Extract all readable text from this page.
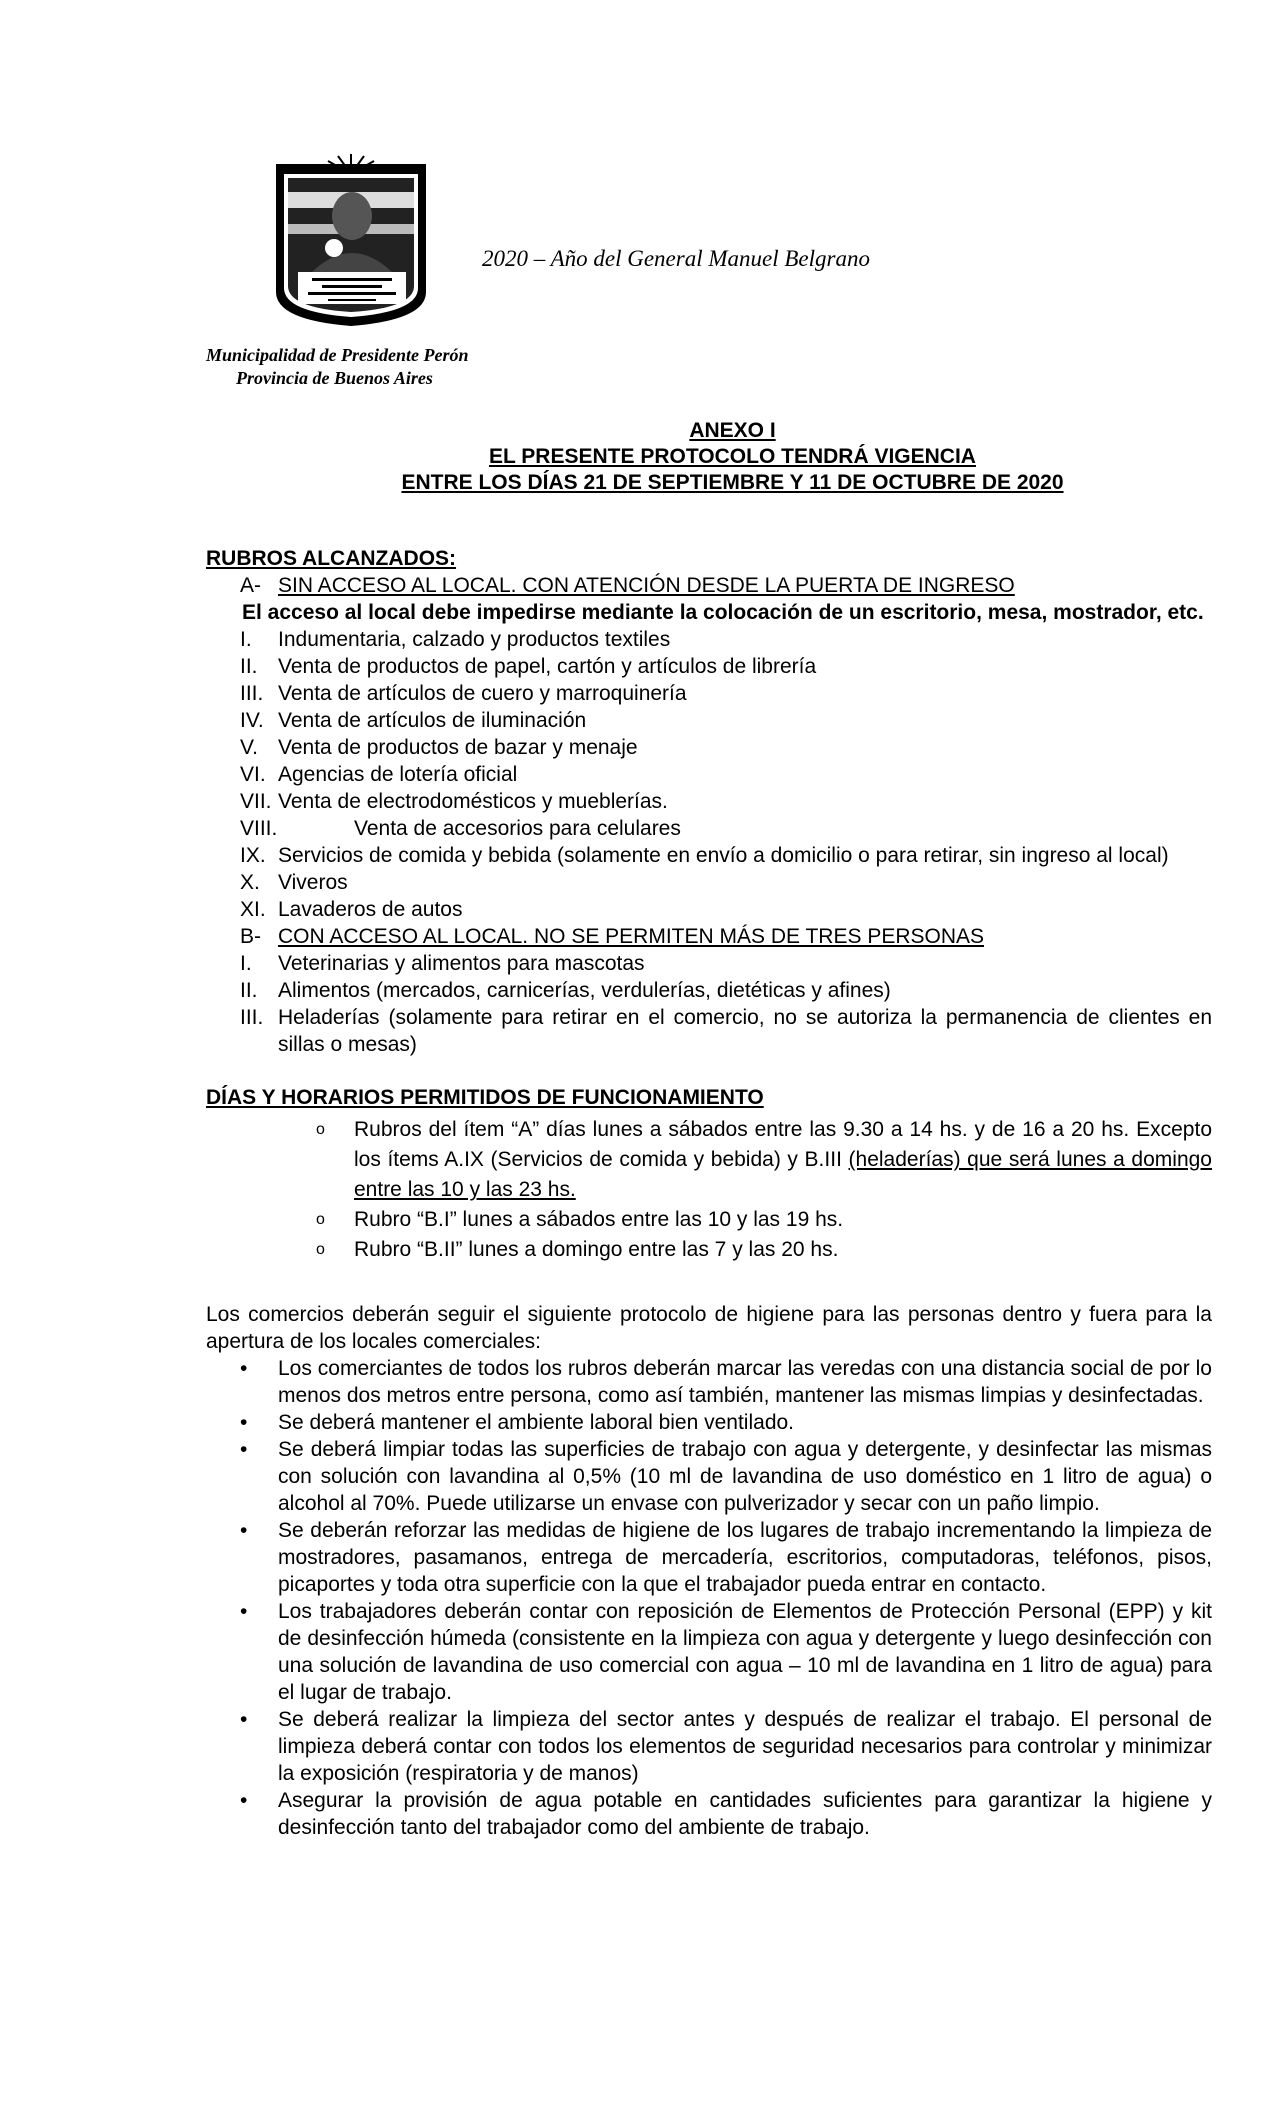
2020 – Año del General Manuel Belgrano
Municipalidad de Presidente Perón
Provincia de Buenos Aires
ANEXO I
EL PRESENTE PROTOCOLO TENDRÁ VIGENCIA
ENTRE LOS DÍAS 21 DE SEPTIEMBRE Y 11 DE OCTUBRE DE 2020
RUBROS ALCANZADOS:
A- SIN ACCESO AL LOCAL. CON ATENCIÓN DESDE LA PUERTA DE INGRESO
El acceso al local debe impedirse mediante la colocación de un escritorio, mesa, mostrador, etc.
I. Indumentaria, calzado y productos textiles
II. Venta de productos de papel, cartón y artículos de librería
III. Venta de artículos de cuero y marroquinería
IV. Venta de artículos de iluminación
V. Venta de productos de bazar y menaje
VI. Agencias de lotería oficial
VII. Venta de electrodomésticos y mueblerías.
VIII.	Venta de accesorios para celulares
IX. Servicios de comida y bebida (solamente en envío a domicilio o para retirar, sin ingreso al local)
X. Viveros
XI. Lavaderos de autos
B- CON ACCESO AL LOCAL. NO SE PERMITEN MÁS DE TRES PERSONAS
I. Veterinarias y alimentos para mascotas
II. Alimentos (mercados, carnicerías, verdulerías, dietéticas y afines)
III. Heladerías (solamente para retirar en el comercio, no se autoriza la permanencia de clientes en sillas o mesas)
DÍAS Y HORARIOS PERMITIDOS DE FUNCIONAMIENTO
o Rubros del ítem “A” días lunes a sábados entre las 9.30 a 14 hs. y de 16 a 20 hs. Excepto los ítems A.IX (Servicios de comida y bebida) y B.III (heladerías) que será lunes a domingo entre las 10 y las 23 hs.
o Rubro “B.I” lunes a sábados entre las 10 y las 19 hs.
o Rubro “B.II” lunes a domingo entre las 7 y las 20 hs.
Los comercios deberán seguir el siguiente protocolo de higiene para las personas dentro y fuera para la apertura de los locales comerciales:
• Los comerciantes de todos los rubros deberán marcar las veredas con una distancia social de por lo menos dos metros entre persona, como así también, mantener las mismas limpias y desinfectadas.
• Se deberá mantener el ambiente laboral bien ventilado.
• Se deberá limpiar todas las superficies de trabajo con agua y detergente, y desinfectar las mismas con solución con lavandina al 0,5% (10 ml de lavandina de uso doméstico en 1 litro de agua) o alcohol al 70%. Puede utilizarse un envase con pulverizador y secar con un paño limpio.
• Se deberán reforzar las medidas de higiene de los lugares de trabajo incrementando la limpieza de mostradores, pasamanos, entrega de mercadería, escritorios, computadoras, teléfonos, pisos, picaportes y toda otra superficie con la que el trabajador pueda entrar en contacto.
• Los trabajadores deberán contar con reposición de Elementos de Protección Personal (EPP) y kit de desinfección húmeda (consistente en la limpieza con agua y detergente y luego desinfección con una solución de lavandina de uso comercial con agua – 10 ml de lavandina en 1 litro de agua) para el lugar de trabajo.
• Se deberá realizar la limpieza del sector antes y después de realizar el trabajo. El personal de limpieza deberá contar con todos los elementos de seguridad necesarios para controlar y minimizar la exposición (respiratoria y de manos)
• Asegurar la provisión de agua potable en cantidades suficientes para garantizar la higiene y desinfección tanto del trabajador como del ambiente de trabajo.
